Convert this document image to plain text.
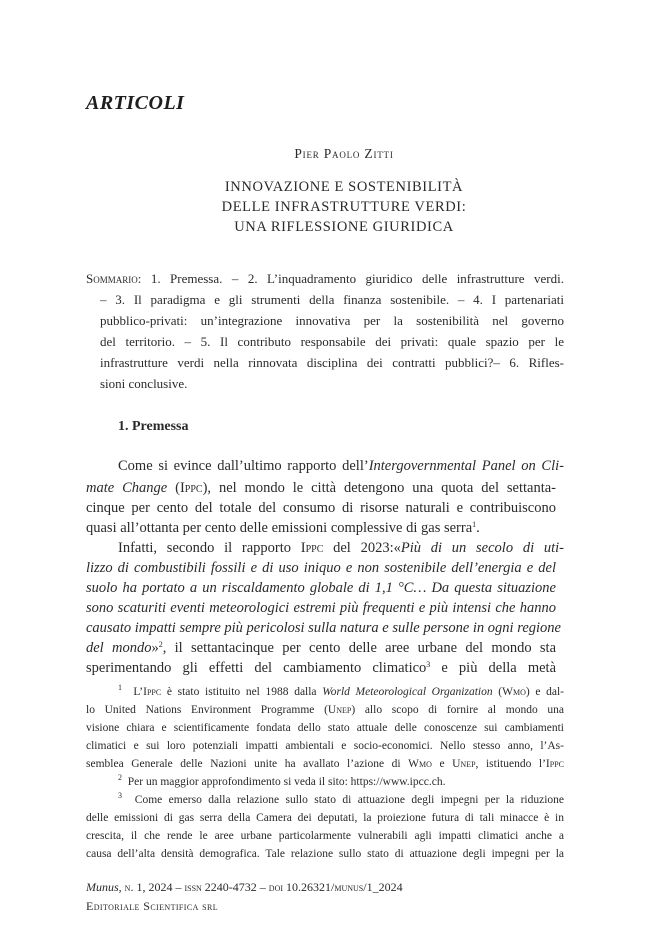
ARTICOLI
Pier Paolo Zitti
INNOVAZIONE E SOSTENIBILITÀ
DELLE INFRASTRUTTURE VERDI:
UNA RIFLESSIONE GIURIDICA
Sommario: 1. Premessa. – 2. L’inquadramento giuridico delle infrastrutture verdi.
– 3. Il paradigma e gli strumenti della finanza sostenibile. – 4. I partenariati
pubblico-privati: un’integrazione innovativa per la sostenibilità nel governo
del territorio. – 5. Il contributo responsabile dei privati: quale spazio per le
infrastrutture verdi nella rinnovata disciplina dei contratti pubblici?– 6. Rifles-
sioni conclusive.
1. Premessa
Come si evince dall’ultimo rapporto dell’Intergovernmental Panel on Cli-
mate Change (Ippc), nel mondo le città detengono una quota del settanta-
cinque per cento del totale del consumo di risorse naturali e contribuiscono
quasi all’ottanta per cento delle emissioni complessive di gas serra$^1$.
Infatti, secondo il rapporto Ippc del 2023:«Più di un secolo di uti-
lizzo di combustibili fossili e di uso iniquo e non sostenibile dell’energia e del
suolo ha portato a un riscaldamento globale di 1,1 °C… Da questa situazione
sono scaturiti eventi meteorologici estremi più frequenti e più intensi che hanno
causato impatti sempre più pericolosi sulla natura e sulle persone in ogni regione
del mondo»$^2$, il settantacinque per cento delle aree urbane del mondo sta
sperimentando gli effetti del cambiamento climatico$^3$ e più della metà
$^1$ L’Ippc è stato istituito nel 1988 dalla World Meteorological Organization (Wmo) e dal-
lo United Nations Environment Programme (Unep) allo scopo di fornire al mondo una
visione chiara e scientificamente fondata dello stato attuale delle conoscenze sui cambiamenti
climatici e sui loro potenziali impatti ambientali e socio-economici. Nello stesso anno, l’As-
semblea Generale delle Nazioni unite ha avallato l’azione di Wmo e Unep, istituendo l’Ippc
$^2$ Per un maggior approfondimento si veda il sito: https://www.ipcc.ch.
$^3$ Come emerso dalla relazione sullo stato di attuazione degli impegni per la riduzione
delle emissioni di gas serra della Camera dei deputati, la proiezione futura di tali minacce è in
crescita, il che rende le aree urbane particolarmente vulnerabili agli impatti climatici anche a
causa dell’alta densità demografica. Tale relazione sullo stato di attuazione degli impegni per la
Munus, n. 1, 2024 – issn 2240-4732 – doi 10.26321/munus/1_2024
Editoriale Scientifica srl
